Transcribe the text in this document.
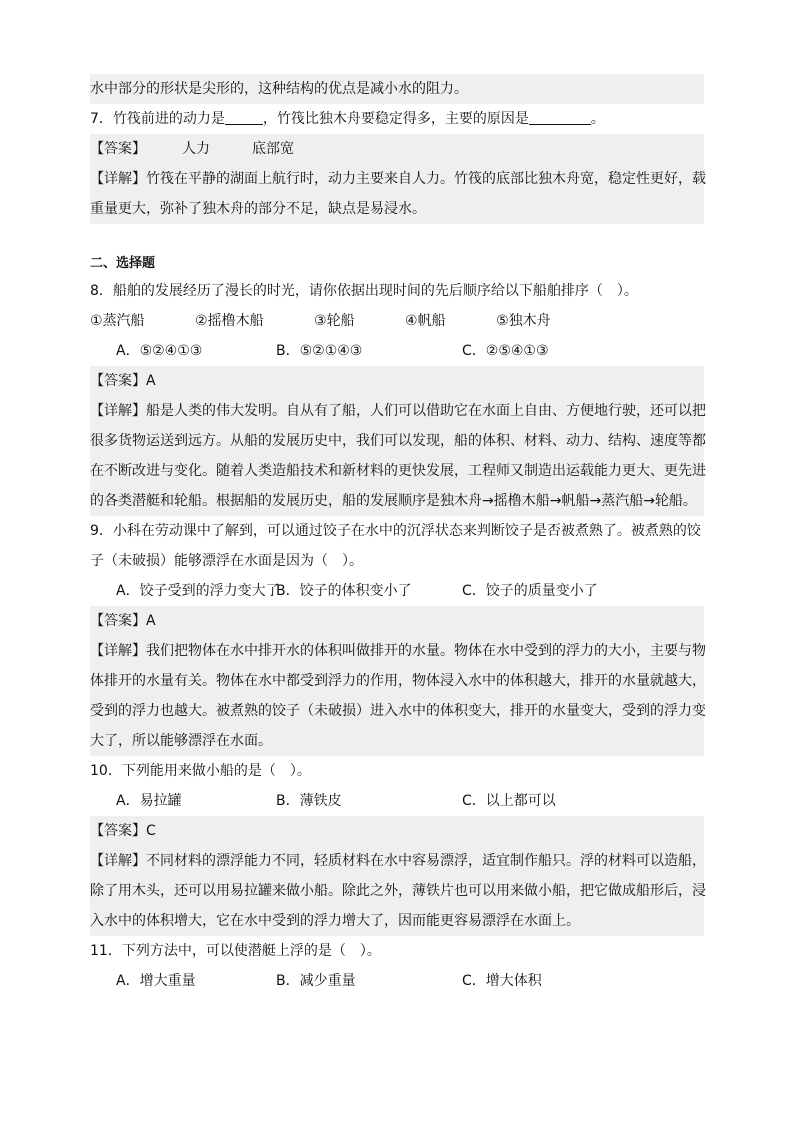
水中部分的形状是尖形的，这种结构的优点是减小水的阻力。
7．竹筏前进的动力是	，竹筏比独木舟要稳定得多，主要的原因是	。
【答案】	人力	底部宽
【详解】竹筏在平静的湖面上航行时，动力主要来自人力。竹筏的底部比独木舟宽，稳定性更好，载
重量更大，弥补了独木舟的部分不足，缺点是易浸水。
二、选择题
8．船舶的发展经历了漫长的时光，请你依据出现时间的先后顺序给以下船舶排序（　）。
①蒸汽船	②摇橹木船	③轮船	④帆船	⑤独木舟
A．⑤②④①③	B．⑤②①④③	C．②⑤④①③
【答案】A
【详解】船是人类的伟大发明。自从有了船，人们可以借助它在水面上自由、方便地行驶，还可以把
很多货物运送到远方。从船的发展历史中，我们可以发现，船的体积、材料、动力、结构、速度等都
在不断改进与变化。随着人类造船技术和新材料的更快发展，工程师又制造出运载能力更大、更先进
的各类潜艇和轮船。根据船的发展历史，船的发展顺序是独木舟→摇橹木船→帆船→蒸汽船→轮船。
9．小科在劳动课中了解到，可以通过饺子在水中的沉浮状态来判断饺子是否被煮熟了。被煮熟的饺
子（未破损）能够漂浮在水面是因为（　）。
A．饺子受到的浮力变大了B．饺子的体积变小了	C．饺子的质量变小了
【答案】A
【详解】我们把物体在水中排开水的体积叫做排开的水量。物体在水中受到的浮力的大小，主要与物
体排开的水量有关。物体在水中都受到浮力的作用，物体浸入水中的体积越大，排开的水量就越大，
受到的浮力也越大。被煮熟的饺子（未破损）进入水中的体积变大，排开的水量变大，受到的浮力变
大了，所以能够漂浮在水面。
10．下列能用来做小船的是（　）。
A．易拉罐	B．薄铁皮	C．以上都可以
【答案】C
【详解】不同材料的漂浮能力不同，轻质材料在水中容易漂浮，适宜制作船只。浮的材料可以造船，
除了用木头，还可以用易拉罐来做小船。除此之外，薄铁片也可以用来做小船，把它做成船形后，浸
入水中的体积增大，它在水中受到的浮力增大了，因而能更容易漂浮在水面上。
11．下列方法中，可以使潜艇上浮的是（　）。
A．增大重量	B．减少重量	C．增大体积
